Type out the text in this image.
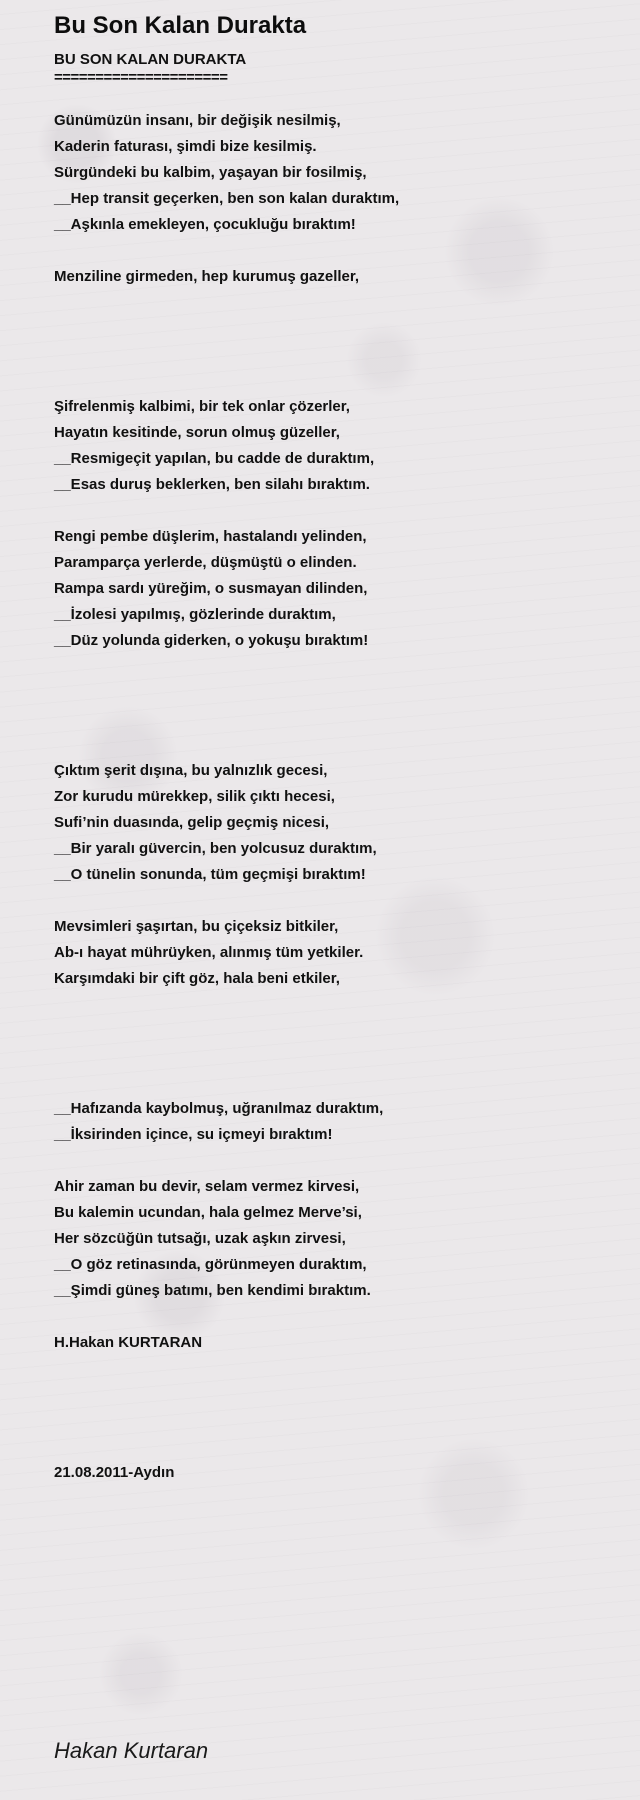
Bu Son Kalan Durakta
BU SON KALAN DURAKTA
=====================
Günümüzün insanı, bir değişik nesilmiş,
Kaderin faturası, şimdi bize kesilmiş.
Sürgündeki bu kalbim, yaşayan bir fosilmiş,
__Hep transit geçerken, ben son kalan duraktım,
__Aşkınla emekleyen, çocukluğu bıraktım!
Menziline girmeden, hep kurumuş gazeller,
Şifrelenmiş kalbimi, bir tek onlar çözerler,
Hayatın kesitinde, sorun olmuş güzeller,
__Resmigeçit yapılan, bu cadde de duraktım,
__Esas duruş beklerken, ben silahı bıraktım.
Rengi pembe düşlerim, hastalandı yelinden,
Paramparça yerlerde, düşmüştü o elinden.
Rampa sardı yüreğim, o susmayan dilinden,
__İzolesi yapılmış, gözlerinde duraktım,
__Düz yolunda giderken, o yokuşu bıraktım!
Çıktım şerit dışına, bu yalnızlık gecesi,
Zor kurudu mürekkep, silik çıktı hecesi,
Sufi’nin duasında, gelip geçmiş nicesi,
__Bir yaralı güvercin, ben yolcusuz duraktım,
__O tünelin sonunda, tüm geçmişi bıraktım!
Mevsimleri şaşırtan, bu çiçeksiz bitkiler,
Ab-ı hayat mührüyken, alınmış tüm yetkiler.
Karşımdaki bir çift göz, hala beni etkiler,
__Hafızanda kaybolmuş, uğranılmaz duraktım,
__İksirinden içince, su içmeyi bıraktım!
Ahir zaman bu devir, selam vermez kirvesi,
Bu kalemin ucundan, hala gelmez Merve’si,
Her sözcüğün tutsağı, uzak aşkın zirvesi,
__O göz retinasında, görünmeyen duraktım,
__Şimdi güneş batımı, ben kendimi bıraktım.
H.Hakan KURTARAN
21.08.2011-Aydın
Hakan Kurtaran
